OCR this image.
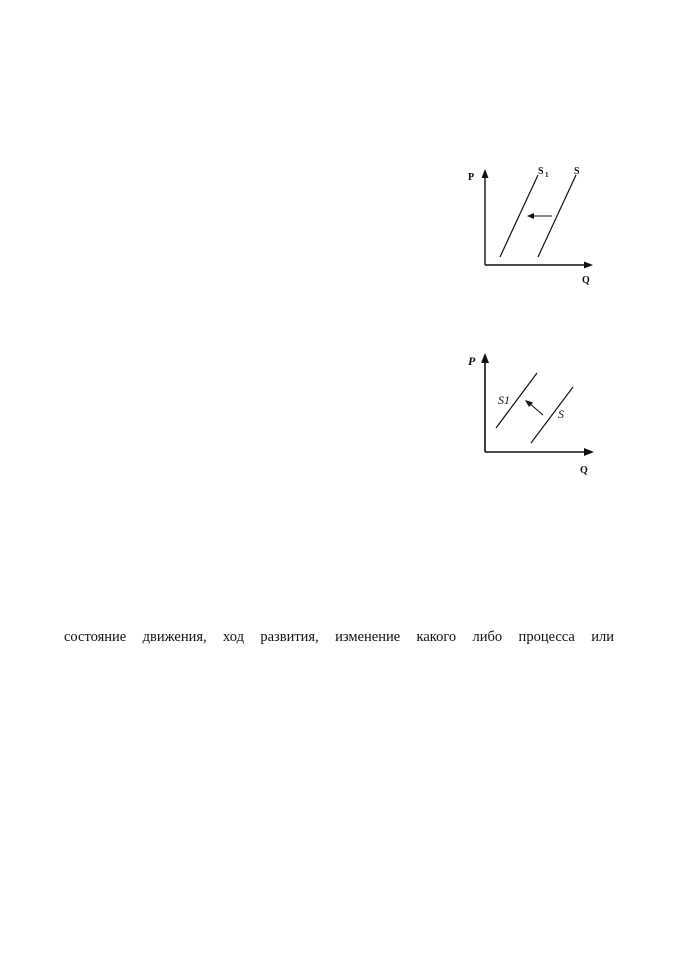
P
Q
S 1	S
P
Q
S1
S
состояние движения, ход развития, изменение какого либо процесса или
